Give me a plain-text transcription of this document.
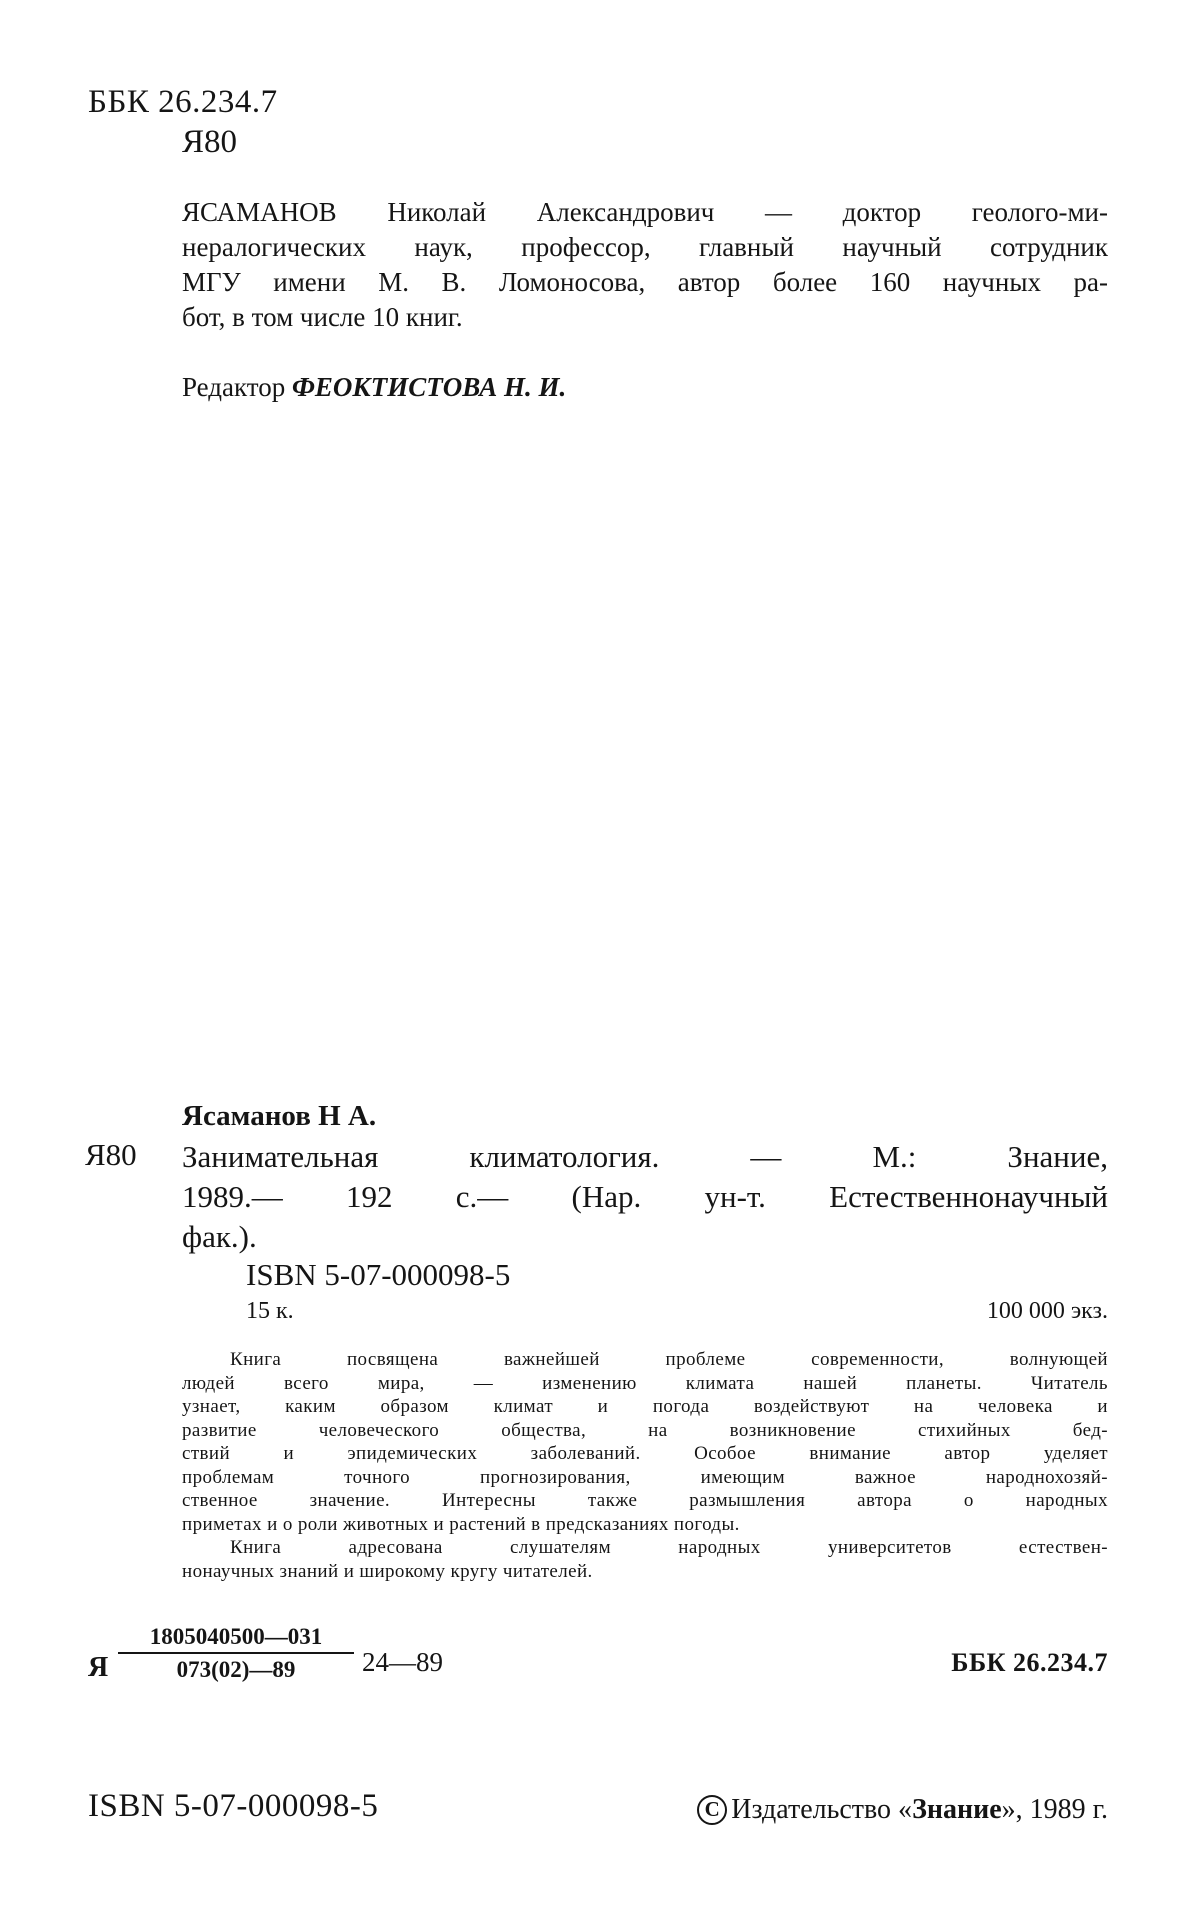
ББК 26.234.7
Я80
ЯСАМАНОВ Николай Александрович — доктор геолого-ми-
нералогических наук, профессор, главный научный сотрудник
МГУ имени М. В. Ломоносова, автор более 160 научных ра-
бот, в том числе 10 книг.
Редактор ФЕОКТИСТОВА Н. И.
Ясаманов Н А.
Я80 Занимательная климатология. — М.: Знание,
1989.— 192 с.— (Нар. ун-т. Естественнонаучный
фак.).
ISBN 5-07-000098-5
15 к.	100 000 экз.
Книга посвящена важнейшей проблеме современности, волнующей
людей всего мира, — изменению климата нашей планеты. Читатель
узнает, каким образом климат и погода воздействуют на человека и
развитие человеческого общества, на возникновение стихийных бед-
ствий и эпидемических заболеваний. Особое внимание автор уделяет
проблемам точного прогнозирования, имеющим важное народнохозяй-
ственное значение. Интересны также размышления автора о народных
приметах и о роли животных и растений в предсказаниях погоды.
Книга адресована слушателям народных университетов естествен-
нонаучных знаний и широкому кругу читателей.
Я
1805040500—031
073(02)—89	24—89	ББК 26.234.7
ISBN 5-07-000098-5	С Издательство «Знание», 1989 г.
